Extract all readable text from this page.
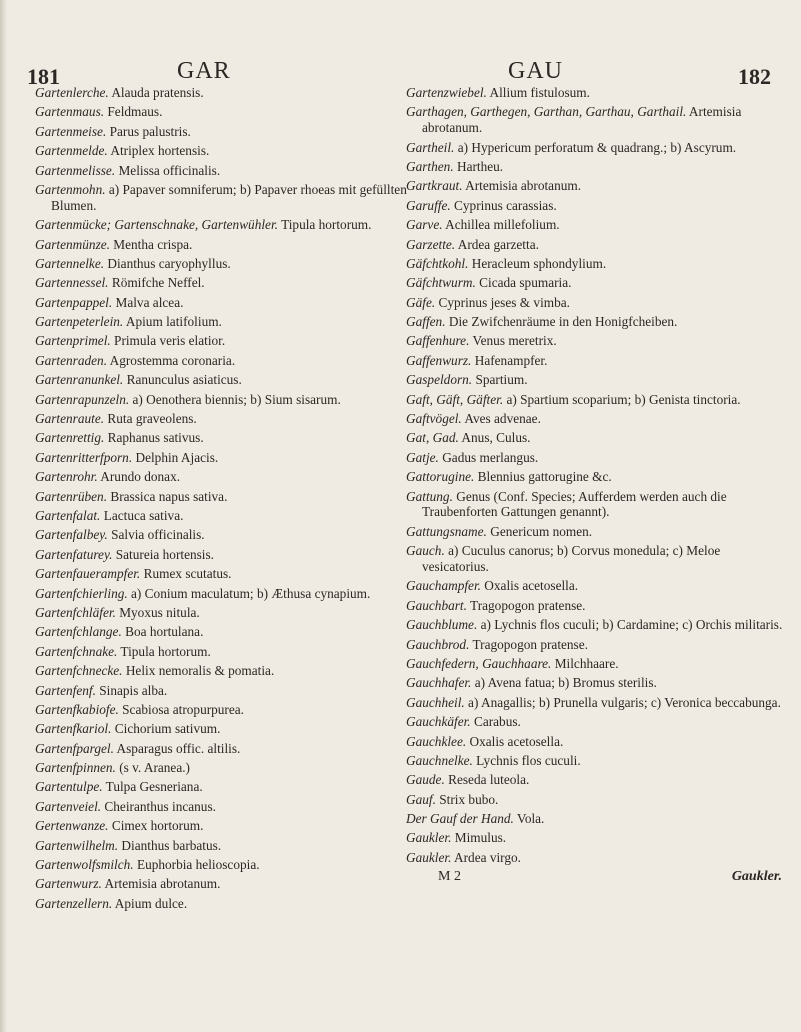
181	GAR	GAU	182
Gartenlerche. Alauda pratensis.
Gartenmaus. Feldmaus.
Gartenmeise. Parus palustris.
Gartenmelde. Atriplex hortensis.
Gartenmelisse. Melissa officinalis.
Gartenmohn. a) Papaver somniferum; b) Papaver rhoeas mit gefüllten Blumen.
Gartenmücke; Gartenschnake, Gartenwühler. Tipula hortorum.
Gartenmünze. Mentha crispa.
Gartennelke. Dianthus caryophyllus.
Gartennessel. Römifche Neffel.
Gartenpappel. Malva alcea.
Gartenpeterlein. Apium latifolium.
Gartenprimel. Primula veris elatior.
Gartenraden. Agrostemma coronaria.
Gartenranunkel. Ranunculus asiaticus.
Gartenrapunzeln. a) Oenothera biennis; b) Sium sisarum.
Gartenraute. Ruta graveolens.
Gartenrettig. Raphanus sativus.
Gartenritterfporn. Delphin Ajacis.
Gartenrohr. Arundo donax.
Gartenrüben. Brassica napus sativa.
Gartenfalat. Lactuca sativa.
Gartenfalbey. Salvia officinalis.
Gartenfaturey. Satureia hortensis.
Gartenfauerampfer. Rumex scutatus.
Gartenfchierling. a) Conium maculatum; b) Æthusa cynapium.
Gartenfchläfer. Myoxus nitula.
Gartenfchlange. Boa hortulana.
Gartenfchnake. Tipula hortorum.
Gartenfchnecke. Helix nemoralis & pomatia.
Gartenfenf. Sinapis alba.
Gartenfkabiofe. Scabiosa atropurpurea.
Gartenfkariol. Cichorium sativum.
Gartenfpargel. Asparagus offic. altilis.
Gartenfpinnen. (s v. Aranea.)
Gartentulpe. Tulpa Gesneriana.
Gartenveiel. Cheiranthus incanus.
Gertenwanze. Cimex hortorum.
Gartenwilhelm. Dianthus barbatus.
Gartenwolfsmilch. Euphorbia helioscopia.
Gartenwurz. Artemisia abrotanum.
Gartenzellern. Apium dulce.
Gartenzwiebel. Allium fistulosum.
Garthagen, Garthegen, Garthan, Garthau, Garthail. Artemisia abrotanum.
Gartheil. a) Hypericum perforatum & quadrang.; b) Ascyrum.
Garthen. Hartheu.
Gartkraut. Artemisia abrotanum.
Garuffe. Cyprinus carassias.
Garve. Achillea millefolium.
Garzette. Ardea garzetta.
Gäfchtkohl. Heracleum sphondylium.
Gäfchtwurm. Cicada spumaria.
Gäfe. Cyprinus jeses & vimba.
Gaffen. Die Zwifchenräume in den Honigfcheiben.
Gaffenhure. Venus meretrix.
Gaffenwurz. Hafenampfer.
Gaspeldorn. Spartium.
Gaft, Gäft, Gäfter. a) Spartium scoparium; b) Genista tinctoria.
Gaftvögel. Aves advenae.
Gat, Gad. Anus, Culus.
Gatje. Gadus merlangus.
Gattorugine. Blennius gattorugine &c.
Gattung. Genus (Conf. Species; Aufferdem werden auch die Traubenforten Gattungen genannt).
Gattungsname. Genericum nomen.
Gauch. a) Cuculus canorus; b) Corvus monedula; c) Meloe vesicatorius.
Gauchampfer. Oxalis acetosella.
Gauchbart. Tragopogon pratense.
Gauchblume. a) Lychnis flos cuculi; b) Cardamine; c) Orchis militaris.
Gauchbrod. Tragopogon pratense.
Gauchfedern, Gauchhaare. Milchhaare.
Gauchhafer. a) Avena fatua; b) Bromus sterilis.
Gauchheil. a) Anagallis; b) Prunella vulgaris; c) Veronica beccabunga.
Gauchkäfer. Carabus.
Gauchklee. Oxalis acetosella.
Gauchnelke. Lychnis flos cuculi.
Gaude. Reseda luteola.
Gauf. Strix bubo.
Der Gauf der Hand. Vola.
Gaukler. Mimulus.
Gaukler. Ardea virgo.
M 2	Gaukler.
